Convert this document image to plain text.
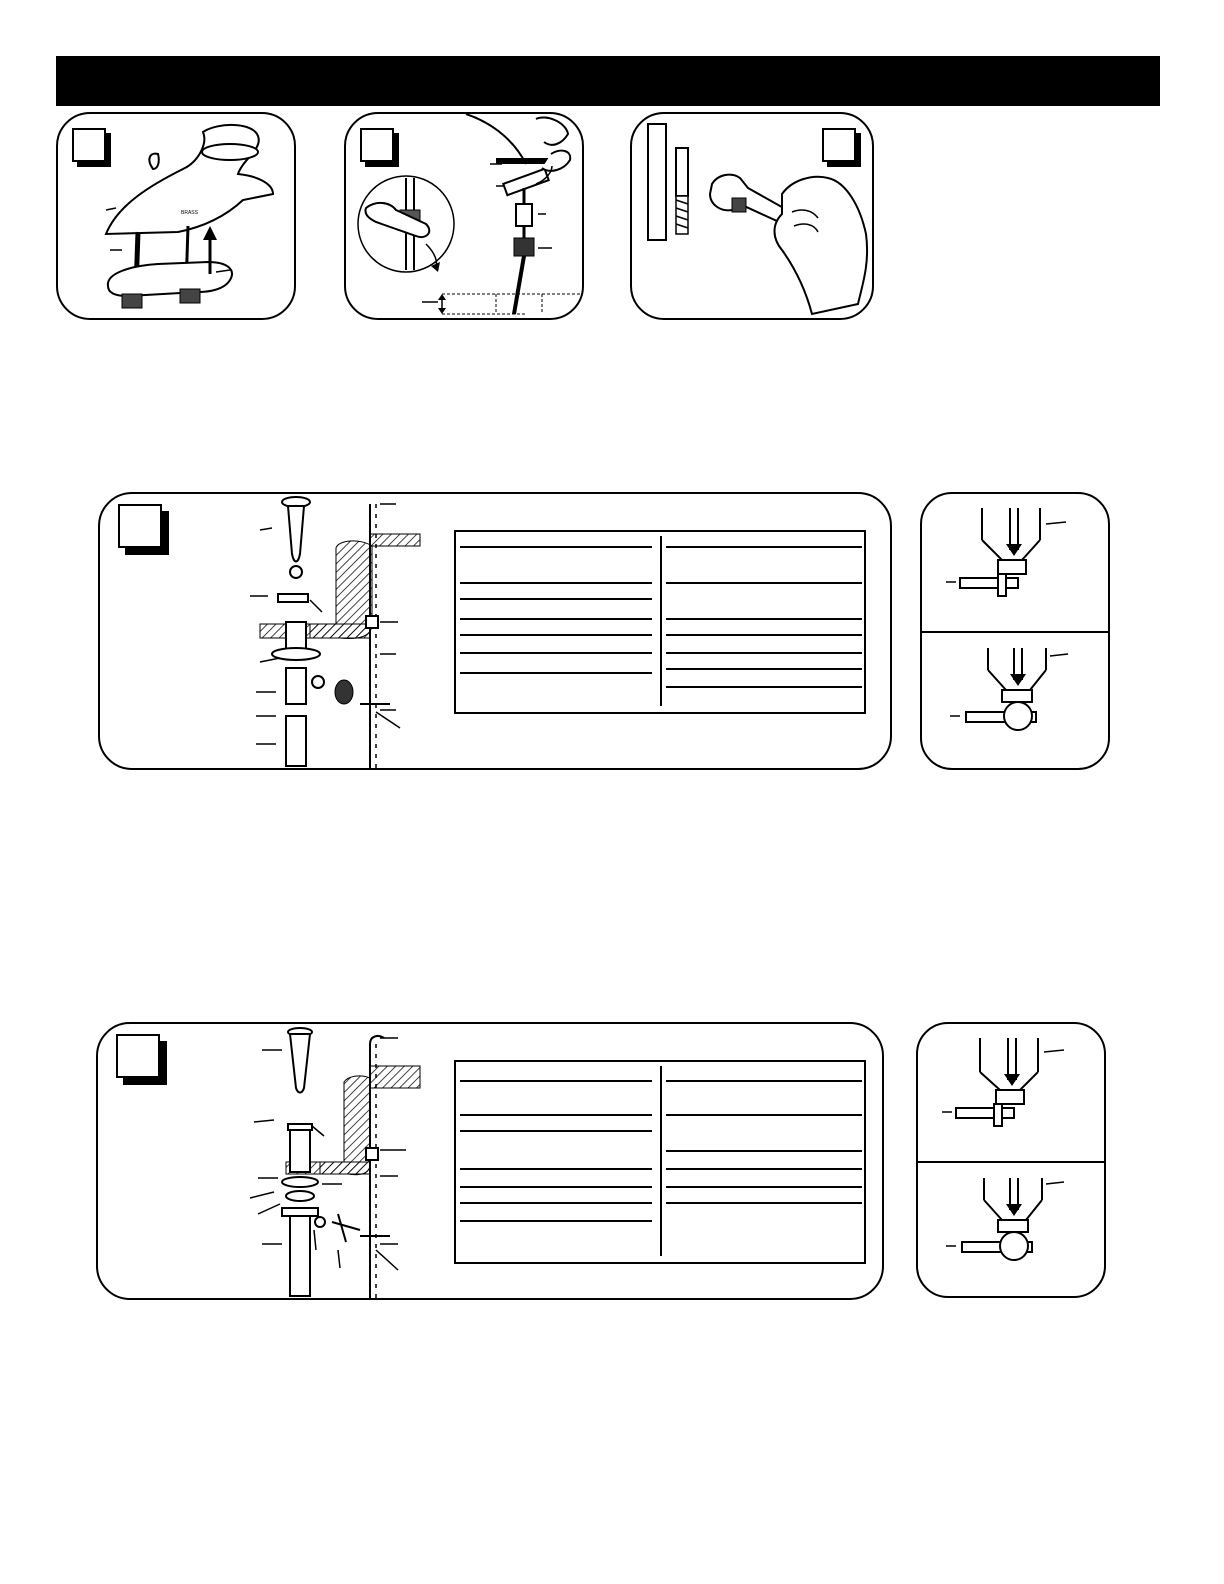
BRASS
